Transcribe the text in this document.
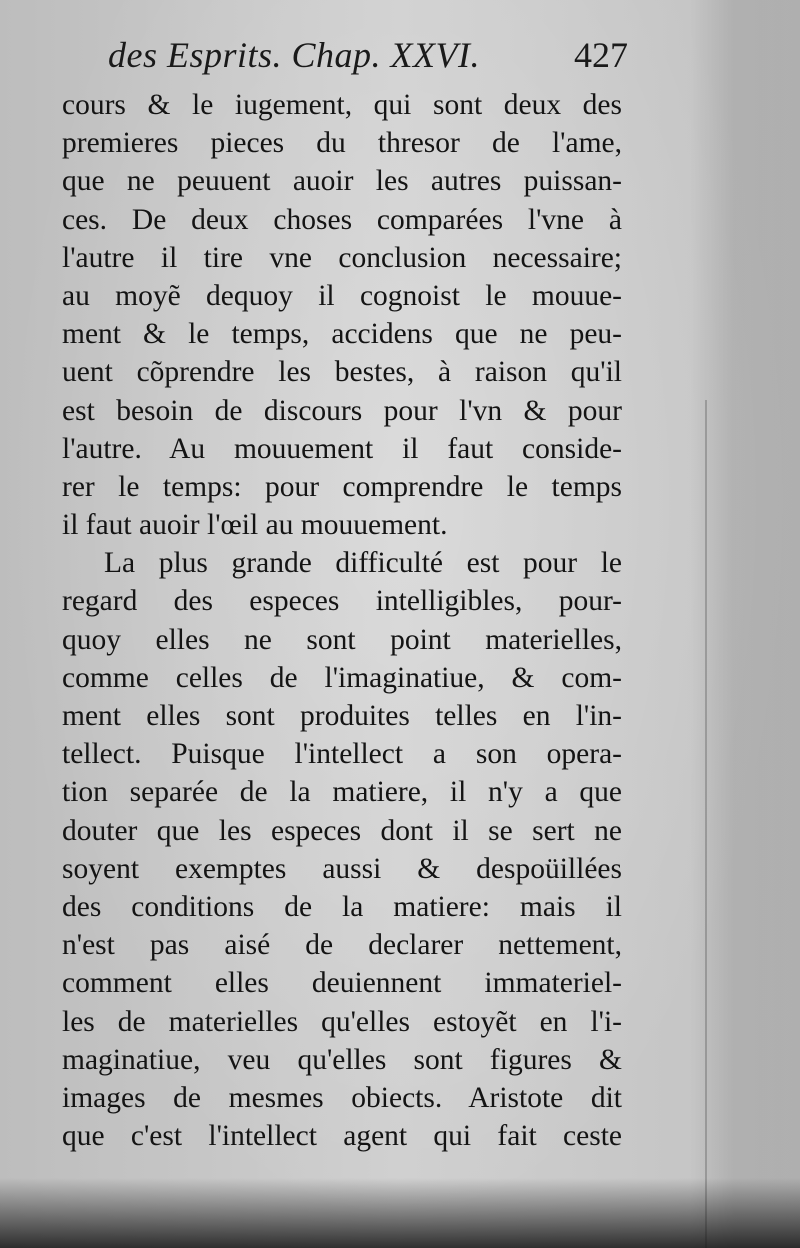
des Esprits. Chap. XXVI.	427
cours & le iugement, qui sont deux des
premieres pieces du thresor de l'ame,
que ne peuuent auoir les autres puissan-
ces. De deux choses comparées l'vne à
l'autre il tire vne conclusion necessaire;
au moyẽ dequoy il cognoist le mouue-
ment & le temps, accidens que ne peu-
uent cõprendre les bestes, à raison qu'il
est besoin de discours pour l'vn & pour
l'autre. Au mouuement il faut conside-
rer le temps: pour comprendre le temps
il faut auoir l'œil au mouuement.
La plus grande difficulté est pour le
regard des especes intelligibles, pour-
quoy elles ne sont point materielles,
comme celles de l'imaginatiue, & com-
ment elles sont produites telles en l'in-
tellect. Puisque l'intellect a son opera-
tion separée de la matiere, il n'y a que
douter que les especes dont il se sert ne
soyent exemptes aussi & despoüillées
des conditions de la matiere: mais il
n'est pas aisé de declarer nettement,
comment elles deuiennent immateriel-
les de materielles qu'elles estoyẽt en l'i-
maginatiue, veu qu'elles sont figures &
images de mesmes obiects. Aristote dit
que c'est l'intellect agent qui fait ceste
